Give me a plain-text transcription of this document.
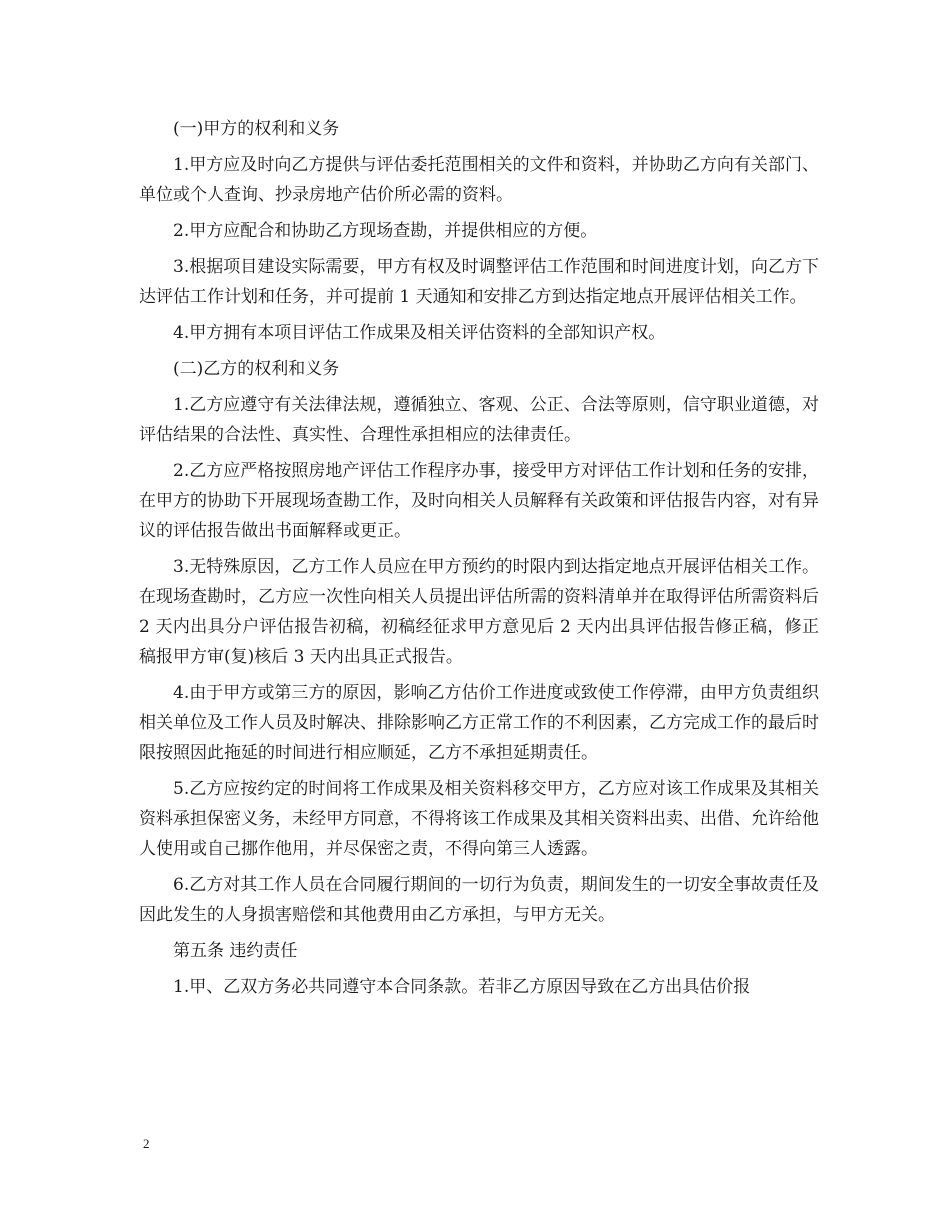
(一)甲方的权利和义务

1.甲方应及时向乙方提供与评估委托范围相关的文件和资料，并协助乙方向有关部门、单位或个人查询、抄录房地产估价所必需的资料。

2.甲方应配合和协助乙方现场查勘，并提供相应的方便。

3.根据项目建设实际需要，甲方有权及时调整评估工作范围和时间进度计划，向乙方下达评估工作计划和任务，并可提前 1 天通知和安排乙方到达指定地点开展评估相关工作。

4.甲方拥有本项目评估工作成果及相关评估资料的全部知识产权。

(二)乙方的权利和义务

1.乙方应遵守有关法律法规，遵循独立、客观、公正、合法等原则，信守职业道德，对评估结果的合法性、真实性、合理性承担相应的法律责任。

2.乙方应严格按照房地产评估工作程序办事，接受甲方对评估工作计划和任务的安排，在甲方的协助下开展现场查勘工作，及时向相关人员解释有关政策和评估报告内容，对有异议的评估报告做出书面解释或更正。

3.无特殊原因，乙方工作人员应在甲方预约的时限内到达指定地点开展评估相关工作。在现场查勘时，乙方应一次性向相关人员提出评估所需的资料清单并在取得评估所需资料后 2 天内出具分户评估报告初稿，初稿经征求甲方意见后 2 天内出具评估报告修正稿，修正稿报甲方审(复)核后 3 天内出具正式报告。

4.由于甲方或第三方的原因，影响乙方估价工作进度或致使工作停滞，由甲方负责组织相关单位及工作人员及时解决、排除影响乙方正常工作的不利因素，乙方完成工作的最后时限按照因此拖延的时间进行相应顺延，乙方不承担延期责任。

5.乙方应按约定的时间将工作成果及相关资料移交甲方，乙方应对该工作成果及其相关资料承担保密义务，未经甲方同意，不得将该工作成果及其相关资料出卖、出借、允许给他人使用或自己挪作他用，并尽保密之责，不得向第三人透露。

6.乙方对其工作人员在合同履行期间的一切行为负责，期间发生的一切安全事故责任及因此发生的人身损害赔偿和其他费用由乙方承担，与甲方无关。

第五条 违约责任

1.甲、乙双方务必共同遵守本合同条款。若非乙方原因导致在乙方出具估价报

2
